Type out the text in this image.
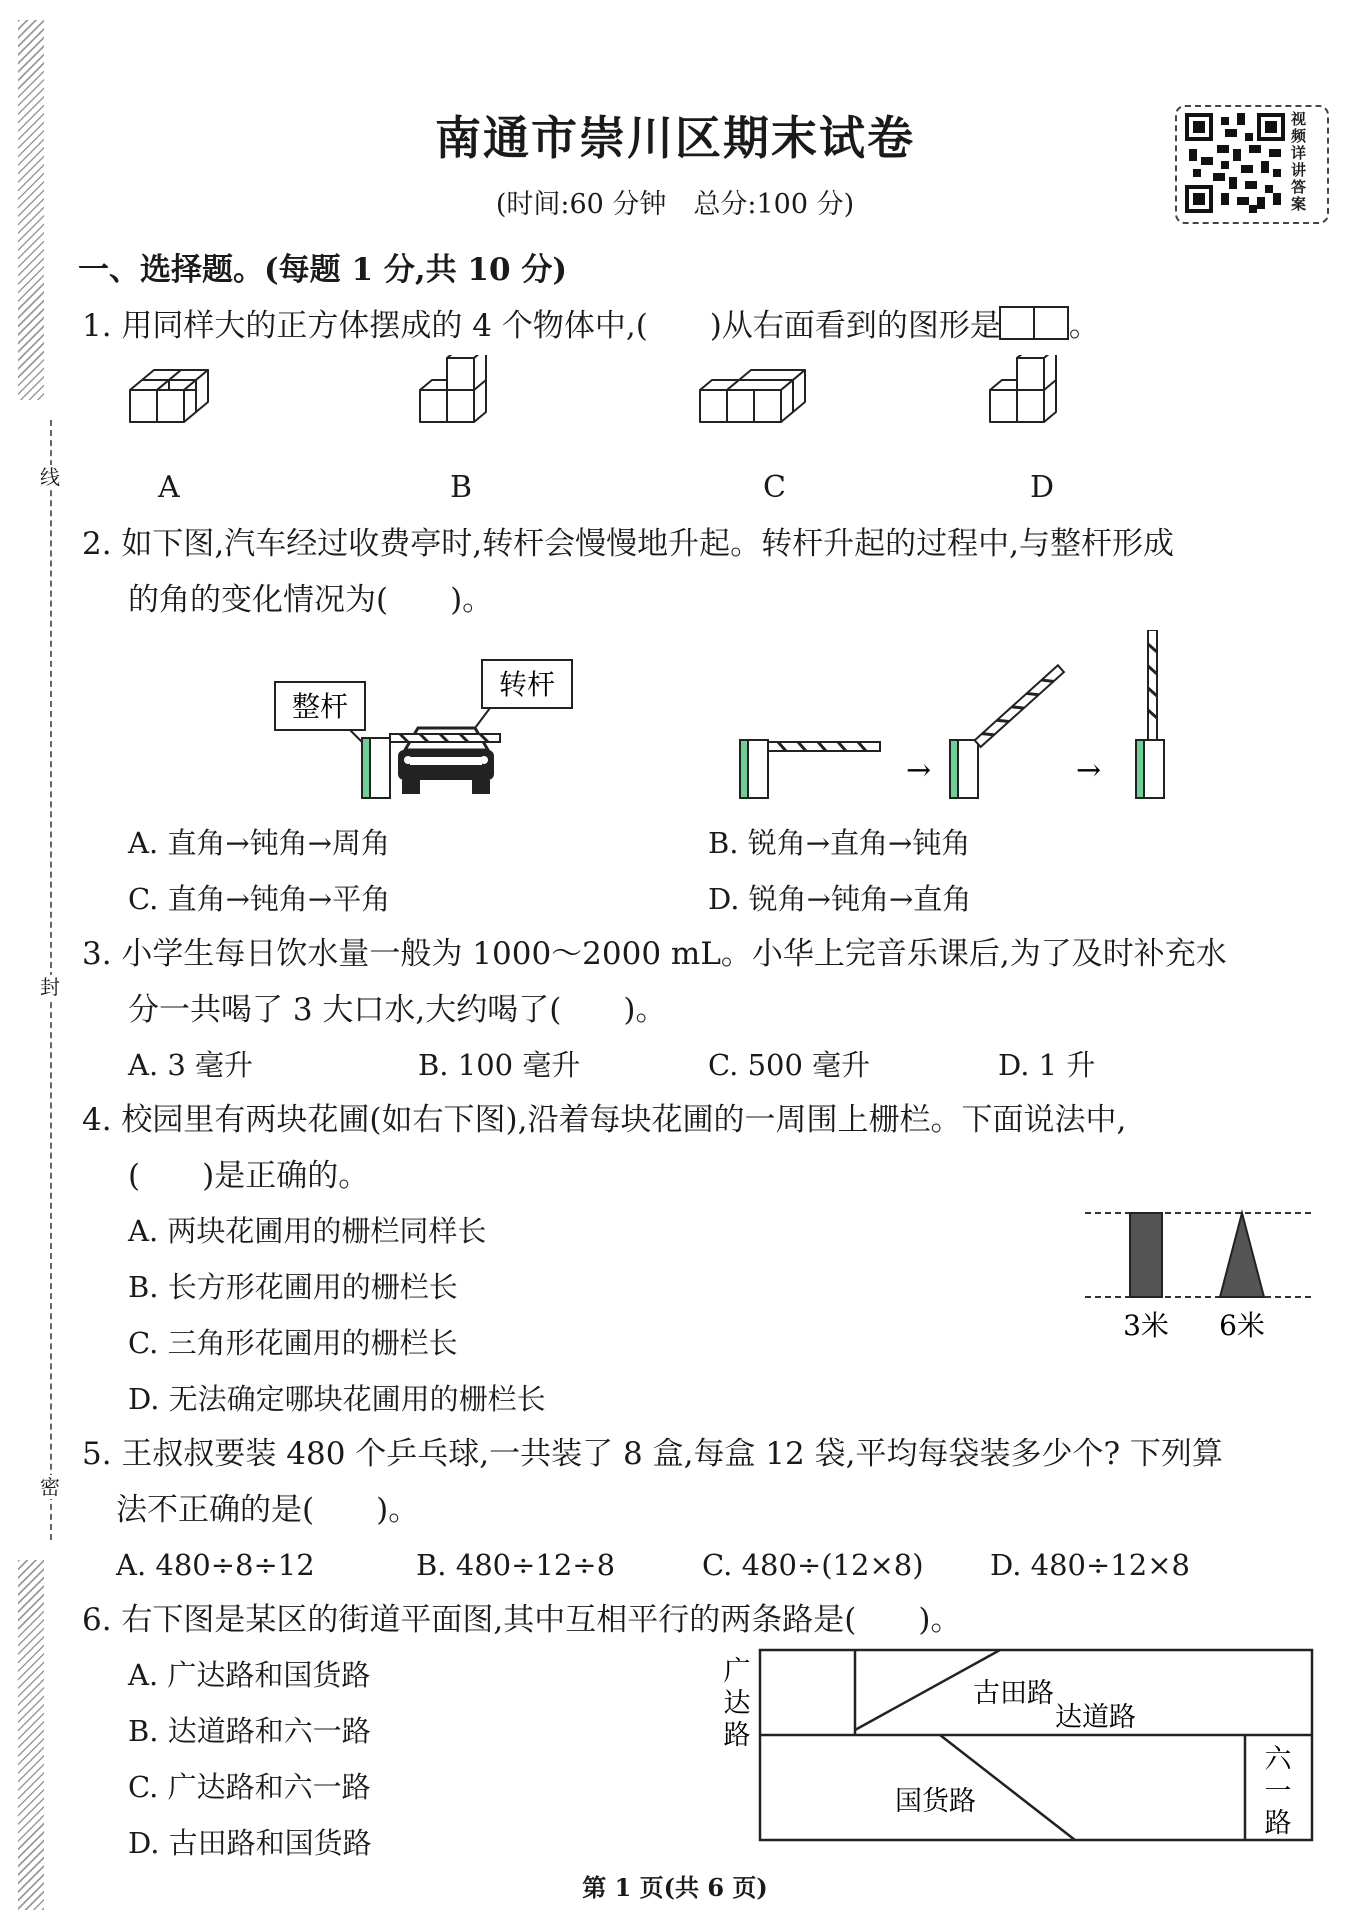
线
封
密
南通市崇川区期末试卷
(时间:60 分钟　总分:100 分)
视频详讲答案
一、选择题。(每题 1 分,共 10 分)
1. 用同样大的正方体摆成的 4 个物体中,(　　)从右面看到的图形是 。
A	B	C	D
2. 如下图,汽车经过收费亭时,转杆会慢慢地升起。转杆升起的过程中,与整杆形成
的角的变化情况为(　　)。
整杆
转杆
→	→
A. 直角→钝角→周角	B. 锐角→直角→钝角
C. 直角→钝角→平角	D. 锐角→钝角→直角
3. 小学生每日饮水量一般为 1000～2000 mL。小华上完音乐课后,为了及时补充水
分一共喝了 3 大口水,大约喝了(　　)。
A. 3 毫升	B. 100 毫升	C. 500 毫升	D. 1 升
4. 校园里有两块花圃(如右下图),沿着每块花圃的一周围上栅栏。下面说法中,
(　　)是正确的。
A. 两块花圃用的栅栏同样长
B. 长方形花圃用的栅栏长
C. 三角形花圃用的栅栏长
D. 无法确定哪块花圃用的栅栏长
3米 6米
5. 王叔叔要装 480 个乒乓球,一共装了 8 盒,每盒 12 袋,平均每袋装多少个? 下列算
法不正确的是(　　)。
A. 480÷8÷12	B. 480÷12÷8	C. 480÷(12×8) D. 480÷12×8
6. 右下图是某区的街道平面图,其中互相平行的两条路是(　　)。
A. 广达路和国货路
B. 达道路和六一路
C. 广达路和六一路
D. 古田路和国货路
广
达
路
古田路
达道路
六
一
路
国货路
第 1 页(共 6 页)
